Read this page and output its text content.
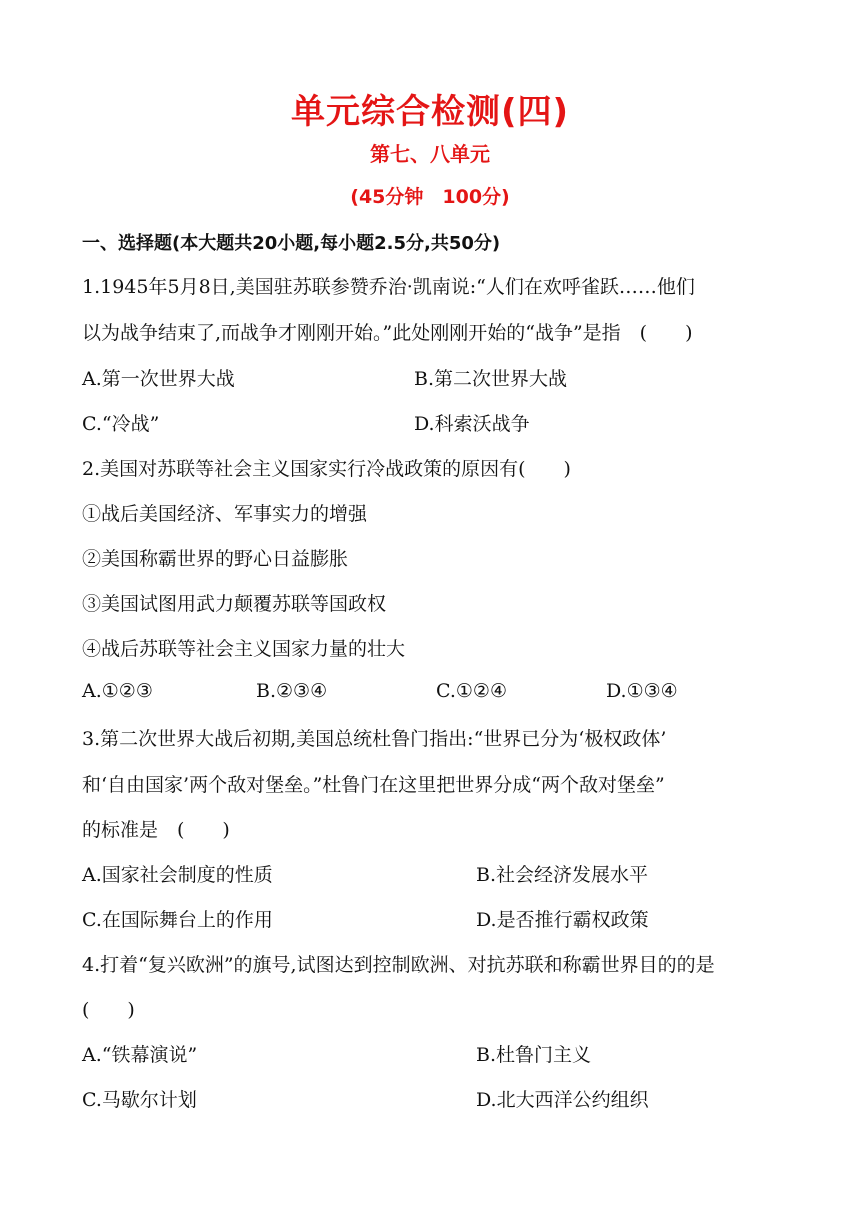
单元综合检测(四)
第七、八单元
(45分钟　100分)
一、选择题(本大题共20小题,每小题2.5分,共50分)
1.1945年5月8日,美国驻苏联参赞乔治·凯南说:“人们在欢呼雀跃……他们
以为战争结束了,而战争才刚刚开始。”此处刚刚开始的“战争”是指　(　　)
A.第一次世界大战	B.第二次世界大战
C.“冷战”	D.科索沃战争
2.美国对苏联等社会主义国家实行冷战政策的原因有(　　)
①战后美国经济、军事实力的增强
②美国称霸世界的野心日益膨胀
③美国试图用武力颠覆苏联等国政权
④战后苏联等社会主义国家力量的壮大
A.①②③	B.②③④	C.①②④	D.①③④
3.第二次世界大战后初期,美国总统杜鲁门指出:“世界已分为‘极权政体’
和‘自由国家’两个敌对堡垒。”杜鲁门在这里把世界分成“两个敌对堡垒”
的标准是　(　　)
A.国家社会制度的性质	B.社会经济发展水平
C.在国际舞台上的作用	D.是否推行霸权政策
4.打着“复兴欧洲”的旗号,试图达到控制欧洲、对抗苏联和称霸世界目的的是
(　　)
A.“铁幕演说”	B.杜鲁门主义
C.马歇尔计划	D.北大西洋公约组织
